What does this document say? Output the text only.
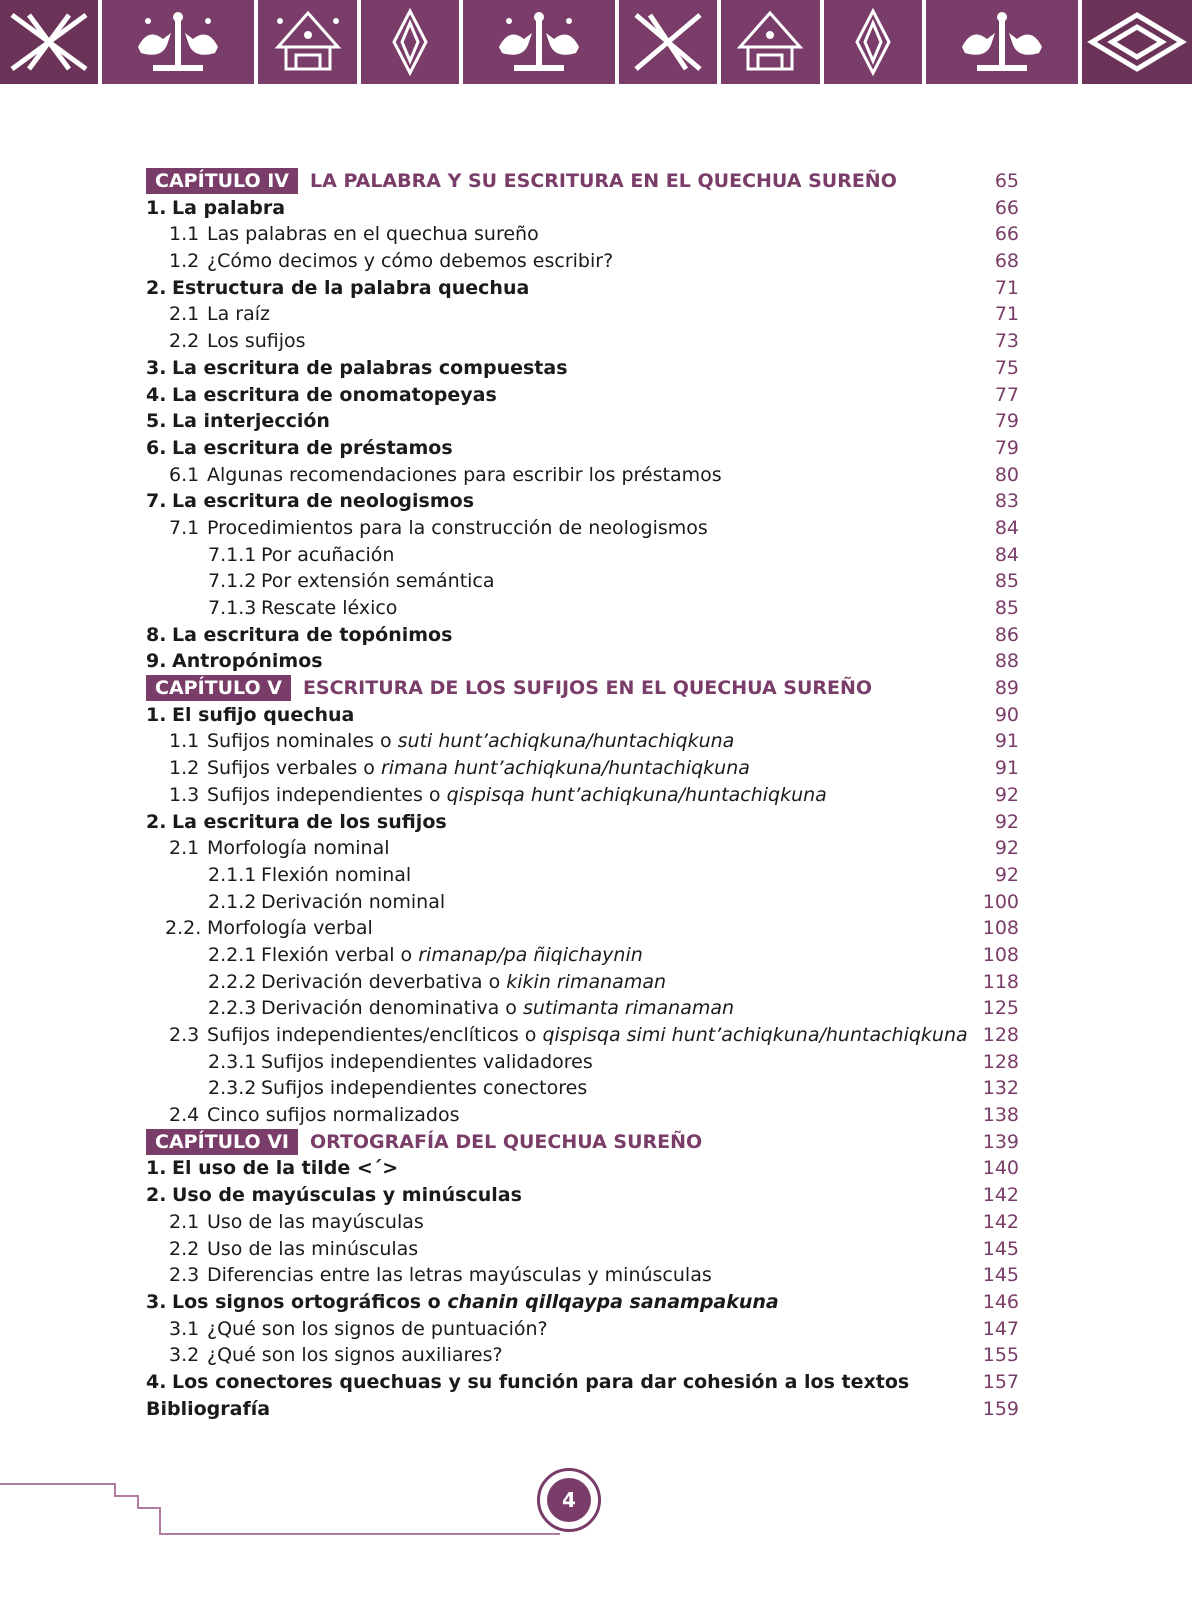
CAPÍTULO IV LA PALABRA Y SU ESCRITURA EN EL QUECHUA SUREÑO	65
1. La palabra	66
1.1 Las palabras en el quechua sureño	66
1.2 ¿Cómo decimos y cómo debemos escribir?	68
2. Estructura de la palabra quechua	71
2.1 La raíz	71
2.2 Los sufijos	73
3. La escritura de palabras compuestas	75
4. La escritura de onomatopeyas	77
5. La interjección	79
6. La escritura de préstamos	79
6.1 Algunas recomendaciones para escribir los préstamos	80
7. La escritura de neologismos	83
7.1 Procedimientos para la construcción de neologismos	84
7.1.1 Por acuñación	84
7.1.2 Por extensión semántica	85
7.1.3 Rescate léxico	85
8. La escritura de topónimos	86
9. Antropónimos	88
CAPÍTULO V ESCRITURA DE LOS SUFIJOS EN EL QUECHUA SUREÑO	89
1. El sufijo quechua	90
1.1 Sufijos nominales o suti hunt’achiqkuna/huntachiqkuna	91
1.2 Sufijos verbales o rimana hunt’achiqkuna/huntachiqkuna	91
1.3 Sufijos independientes o qispisqa hunt’achiqkuna/huntachiqkuna	92
2. La escritura de los sufijos	92
2.1 Morfología nominal	92
2.1.1 Flexión nominal	92
2.1.2 Derivación nominal	100
2.2. Morfología verbal	108
2.2.1 Flexión verbal o rimanap/pa ñiqichaynin	108
2.2.2 Derivación deverbativa o kikin rimanaman	118
2.2.3 Derivación denominativa o sutimanta rimanaman	125
2.3 Sufijos independientes/enclíticos o qispisqa simi hunt’achiqkuna/huntachiqkuna 128
2.3.1 Sufijos independientes validadores	128
2.3.2 Sufijos independientes conectores	132
2.4 Cinco sufijos normalizados	138
CAPÍTULO VI ORTOGRAFÍA DEL QUECHUA SUREÑO	139
1. El uso de la tilde <´>	140
2. Uso de mayúsculas y minúsculas	142
2.1 Uso de las mayúsculas	142
2.2 Uso de las minúsculas	145
2.3 Diferencias entre las letras mayúsculas y minúsculas	145
3. Los signos ortográficos o chanin qillqaypa sanampakuna	146
3.1 ¿Qué son los signos de puntuación?	147
3.2 ¿Qué son los signos auxiliares?	155
4. Los conectores quechuas y su función para dar cohesión a los textos	157
Bibliografía	159
4
